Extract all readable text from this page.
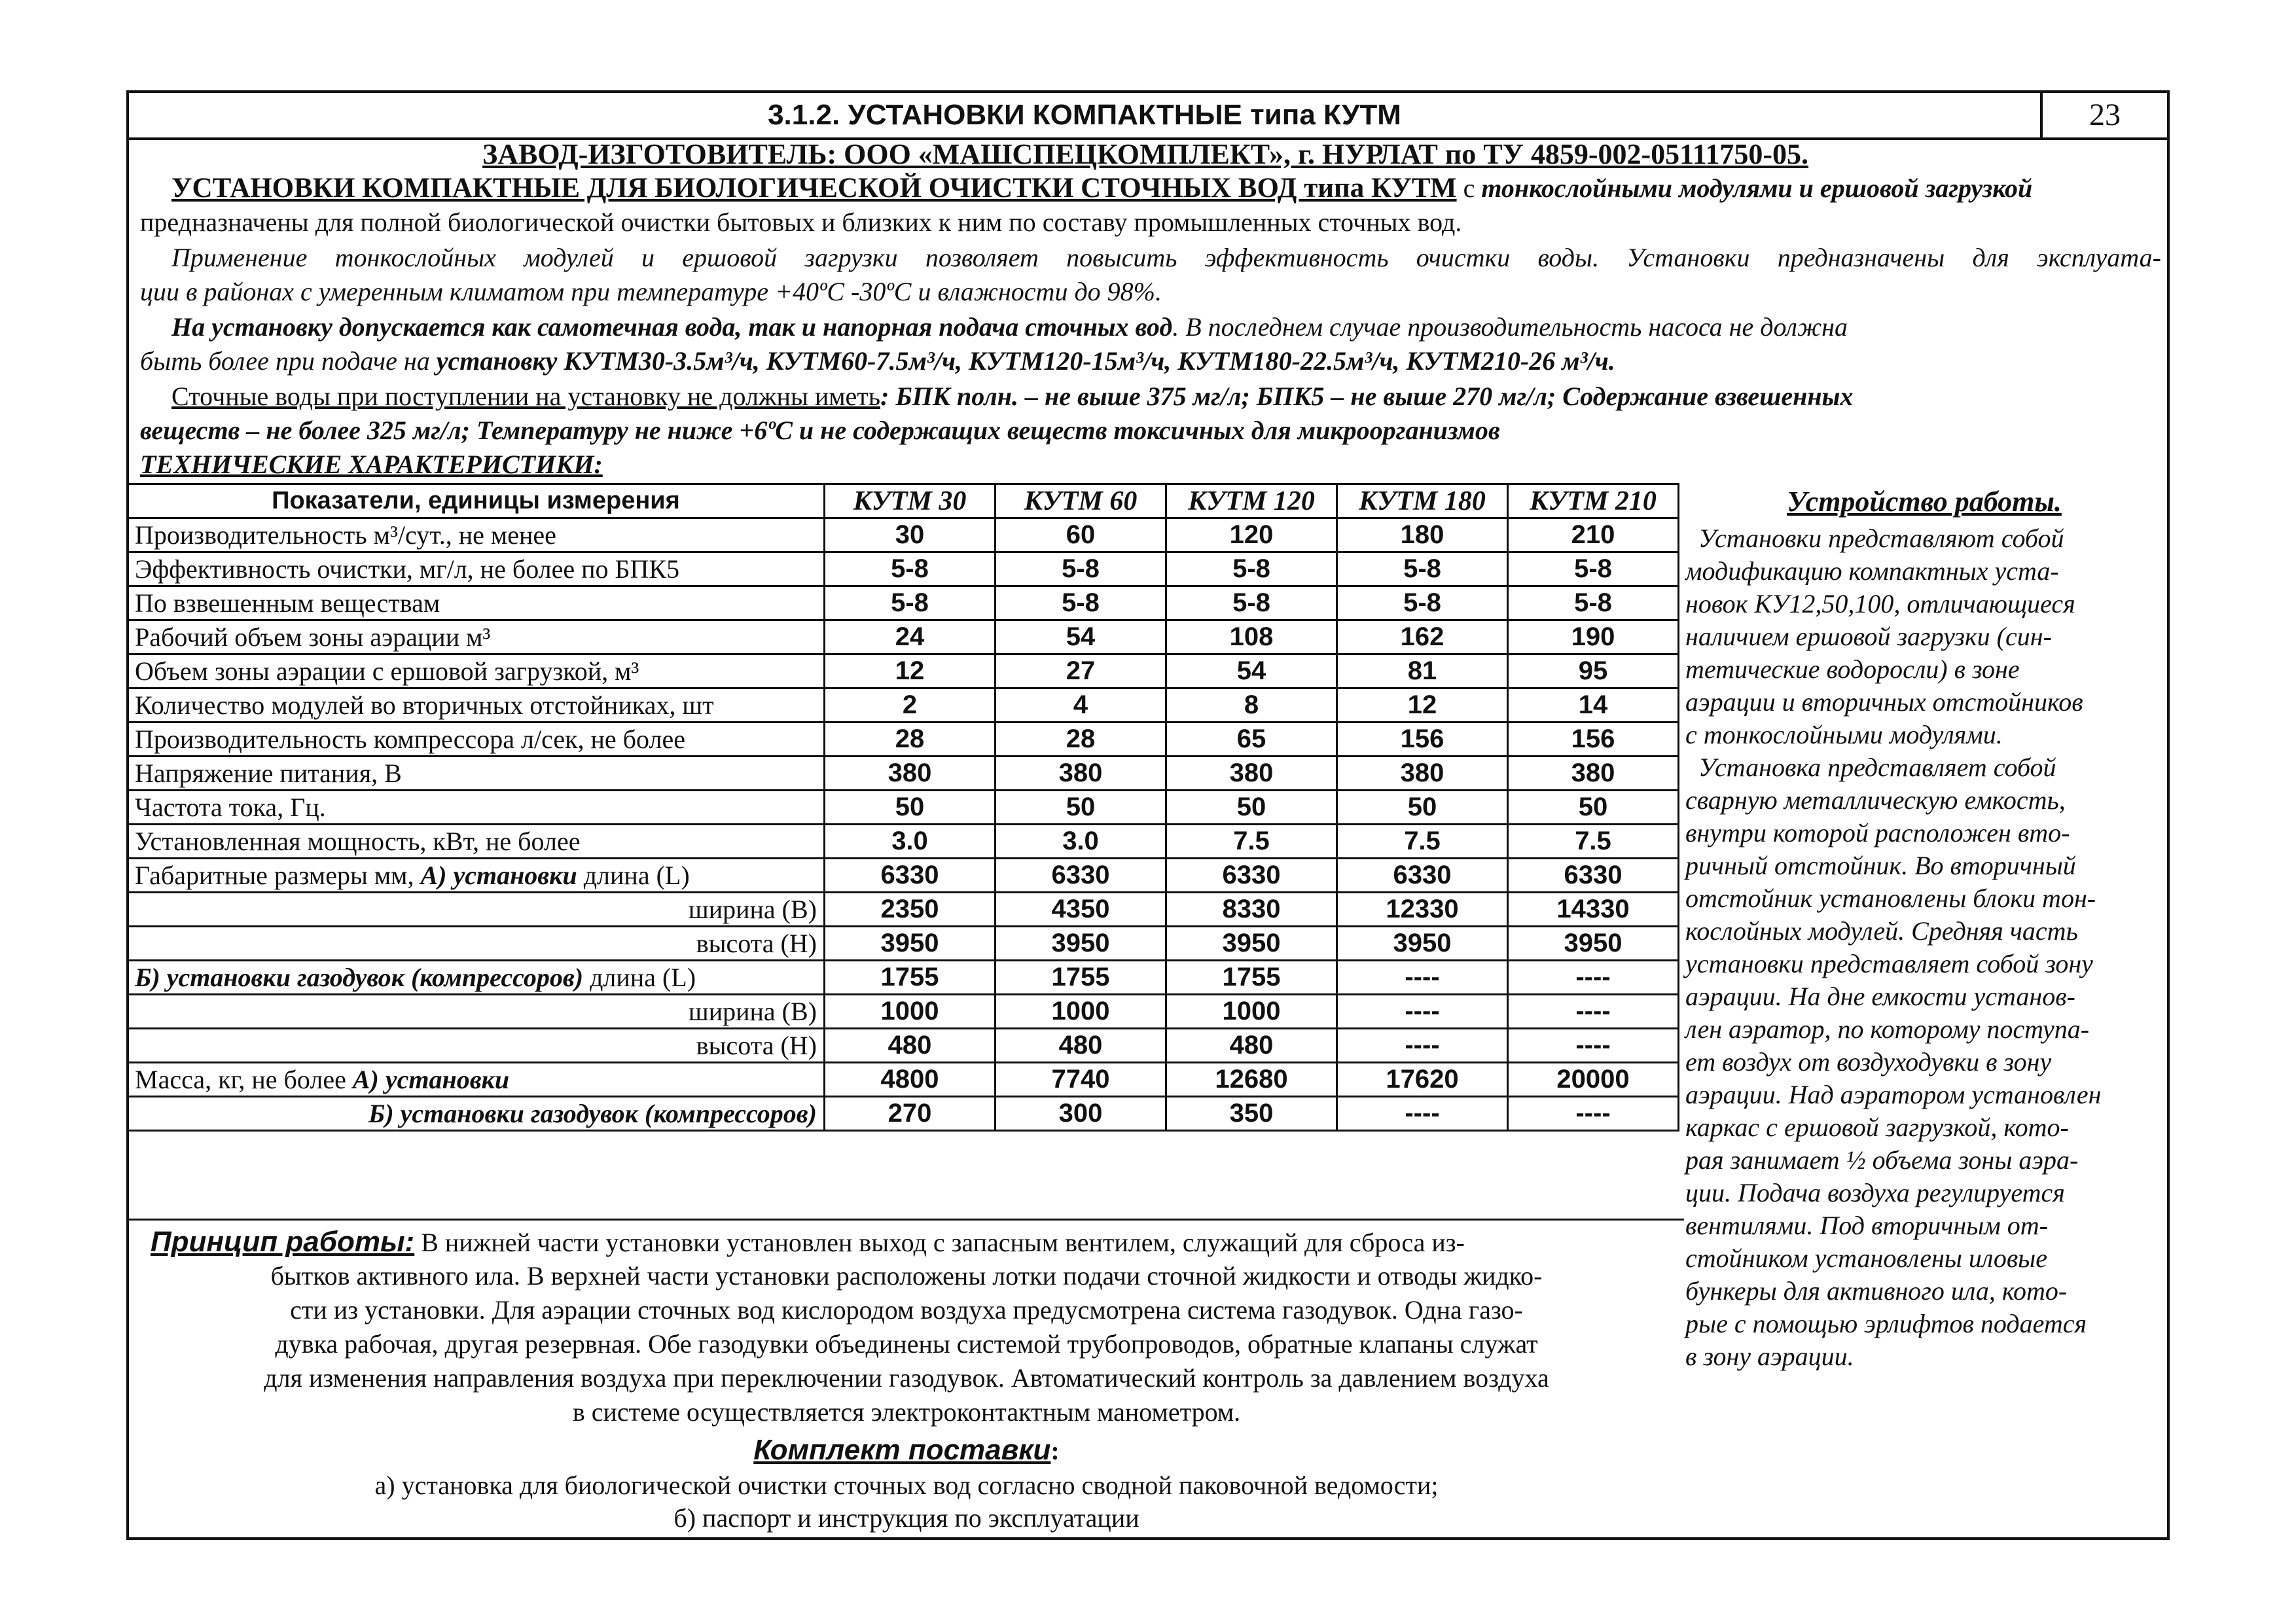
3.1.2. УСТАНОВКИ КОМПАКТНЫЕ типа КУТМ	23
ЗАВОД-ИЗГОТОВИТЕЛЬ: ООО «МАШСПЕЦКОМПЛЕКТ», г. НУРЛАТ по ТУ 4859-002-05111750-05.
УСТАНОВКИ КОМПАКТНЫЕ ДЛЯ БИОЛОГИЧЕСКОЙ ОЧИСТКИ СТОЧНЫХ ВОД типа КУТМ с тонкослойными модулями и ершовой загрузкой
предназначены для полной биологической очистки бытовых и близких к ним по составу промышленных сточных вод.
Применение тонкослойных модулей и ершовой загрузки позволяет повысить эффективность очистки воды. Установки предназначены для эксплуата-
ции в районах с умеренным климатом при температуре +40ºС -30ºС и влажности до 98%.
На установку допускается как самотечная вода, так и напорная подача сточных вод. В последнем случае производительность насоса не должна
быть более при подаче на установку КУТМ30-3.5м³/ч, КУТМ60-7.5м³/ч, КУТМ120-15м³/ч, КУТМ180-22.5м³/ч, КУТМ210-26 м³/ч.
Сточные воды при поступлении на установку не должны иметь: БПК полн. – не выше 375 мг/л; БПК5 – не выше 270 мг/л; Содержание взвешенных
веществ – не более 325 мг/л; Температуру не ниже +6ºС и не содержащих веществ токсичных для микроорганизмов
ТЕХНИЧЕСКИЕ ХАРАКТЕРИСТИКИ:
Показатели, единицы измерения	КУТМ 30	КУТМ 60	КУТМ 120	КУТМ 180	КУТМ 210
Производительность м³/сут., не менее	30	60	120	180	210
Эффективность очистки, мг/л, не более по БПК5	5-8	5-8	5-8	5-8	5-8
По взвешенным веществам	5-8	5-8	5-8	5-8	5-8
Рабочий объем зоны аэрации м³	24	54	108	162	190
Объем зоны аэрации с ершовой загрузкой, м³	12	27	54	81	95
Количество модулей во вторичных отстойниках, шт	2	4	8	12	14
Производительность компрессора л/сек, не более	28	28	65	156	156
Напряжение питания, В	380	380	380	380	380
Частота тока, Гц.	50	50	50	50	50
Установленная мощность, кВт, не более	3.0	3.0	7.5	7.5	7.5
Габаритные размеры мм, А) установки длина (L)	6330	6330	6330	6330	6330
ширина (В)	2350	4350	8330	12330	14330
высота (Н)	3950	3950	3950	3950	3950
Б) установки газодувок (компрессоров) длина (L)	1755	1755	1755	----	----
ширина (В)	1000	1000	1000	----	----
высота (Н)	480	480	480	----	----
Масса, кг, не более А) установки	4800	7740	12680	17620	20000
Б) установки газодувок (компрессоров)	270	300	350	----	----
Устройство работы.
Установки представляют собой
модификацию компактных уста-
новок КУ12,50,100, отличающиеся
наличием ершовой загрузки (син-
тетические водоросли) в зоне
аэрации и вторичных отстойников
с тонкослойными модулями.
Установка представляет собой
сварную металлическую емкость,
внутри которой расположен вто-
ричный отстойник. Во вторичный
отстойник установлены блоки тон-
кослойных модулей. Средняя часть
установки представляет собой зону
аэрации. На дне емкости установ-
лен аэратор, по которому поступа-
ет воздух от воздуходувки в зону
аэрации. Над аэратором установлен
каркас с ершовой загрузкой, кото-
рая занимает ½ объема зоны аэра-
ции. Подача воздуха регулируется
вентилями. Под вторичным от-
стойником установлены иловые
бункеры для активного ила, кото-
рые с помощью эрлифтов подается
в зону аэрации.
Принцип работы: В нижней части установки установлен выход с запасным вентилем, служащий для сброса из-
бытков активного ила. В верхней части установки расположены лотки подачи сточной жидкости и отводы жидко-
сти из установки. Для аэрации сточных вод кислородом воздуха предусмотрена система газодувок. Одна газо-
дувка рабочая, другая резервная. Обе газодувки объединены системой трубопроводов, обратные клапаны служат
для изменения направления воздуха при переключении газодувок. Автоматический контроль за давлением воздуха
в системе осуществляется электроконтактным манометром.
Комплект поставки:
а) установка для биологической очистки сточных вод согласно сводной паковочной ведомости;
б) паспорт и инструкция по эксплуатации
